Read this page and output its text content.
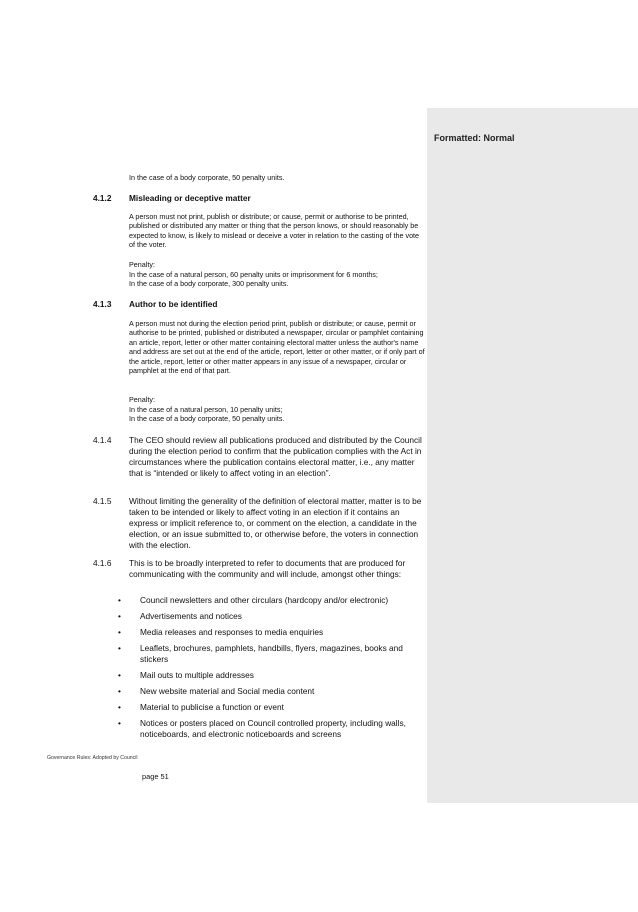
Formatted: Normal

In the case of a body corporate, 50 penalty units.

4.1.2 Misleading or deceptive matter

A person must not print, publish or distribute; or cause, permit or authorise to be printed, published or distributed any matter or thing that the person knows, or should reasonably be expected to know, is likely to mislead or deceive a voter in relation to the casting of the vote of the voter.

Penalty:

In the case of a natural person, 60 penalty units or imprisonment for 6 months;

In the case of a body corporate, 300 penalty units.

4.1.3 Author to be identified

A person must not during the election period print, publish or distribute; or cause, permit or authorise to be printed, published or distributed a newspaper, circular or pamphlet containing an article, report, letter or other matter containing electoral matter unless the author's name and address are set out at the end of the article, report, letter or other matter, or if only part of the article, report, letter or other matter appears in any issue of a newspaper, circular or pamphlet at the end of that part.

Penalty:

In the case of a natural person, 10 penalty units;

In the case of a body corporate, 50 penalty units.

4.1.4 The CEO should review all publications produced and distributed by the Council during the election period to confirm that the publication complies with the Act in circumstances where the publication contains electoral matter, i.e., any matter that is “intended or likely to affect voting in an election”.

4.1.5 Without limiting the generality of the definition of electoral matter, matter is to be taken to be intended or likely to affect voting in an election if it contains an express or implicit reference to, or comment on the election, a candidate in the election, or an issue submitted to, or otherwise before, the voters in connection with the election.

4.1.6 This is to be broadly interpreted to refer to documents that are produced for communicating with the community and will include, amongst other things:

• Council newsletters and other circulars (hardcopy and/or electronic)
• Advertisements and notices
• Media releases and responses to media enquiries
• Leaflets, brochures, pamphlets, handbills, flyers, magazines, books and stickers
• Mail outs to multiple addresses
• New website material and Social media content
• Material to publicise a function or event
• Notices or posters placed on Council controlled property, including walls, noticeboards, and electronic noticeboards and screens
Governance Rules: Adopted by Council
page 51
